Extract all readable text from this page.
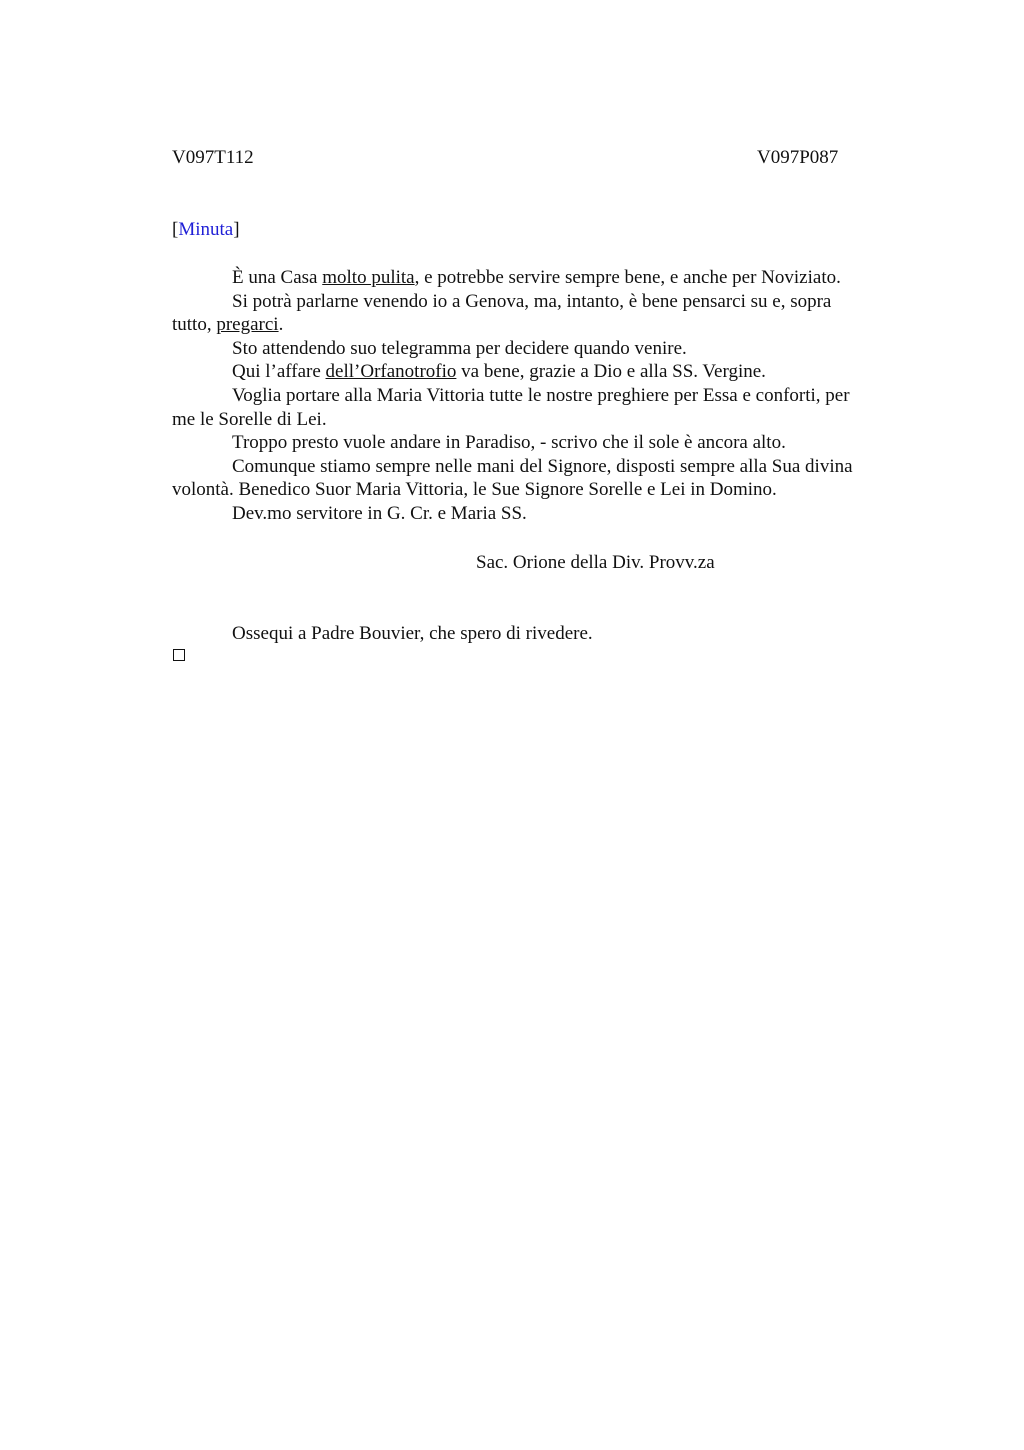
V097T112	V097P087
[Minuta]

È una Casa molto pulita, e potrebbe servire sempre bene, e anche per Noviziato.

Si potrà parlarne venendo io a Genova, ma, intanto, è bene pensarci su e, sopra

tutto, pregarci.

Sto attendendo suo telegramma per decidere quando venire.

Qui l’affare dell’Orfanotrofio va bene, grazie a Dio e alla SS. Vergine.

Voglia portare alla Maria Vittoria tutte le nostre preghiere per Essa e conforti, per

me le Sorelle di Lei.

Troppo presto vuole andare in Paradiso, - scrivo che il sole è ancora alto.

Comunque stiamo sempre nelle mani del Signore, disposti sempre alla Sua divina

volontà. Benedico Suor Maria Vittoria, le Sue Signore Sorelle e Lei in Domino.

Dev.mo servitore in G. Cr. e Maria SS.

Sac. Orione della Div. Provv.za
Ossequi a Padre Bouvier, che spero di rivedere.
